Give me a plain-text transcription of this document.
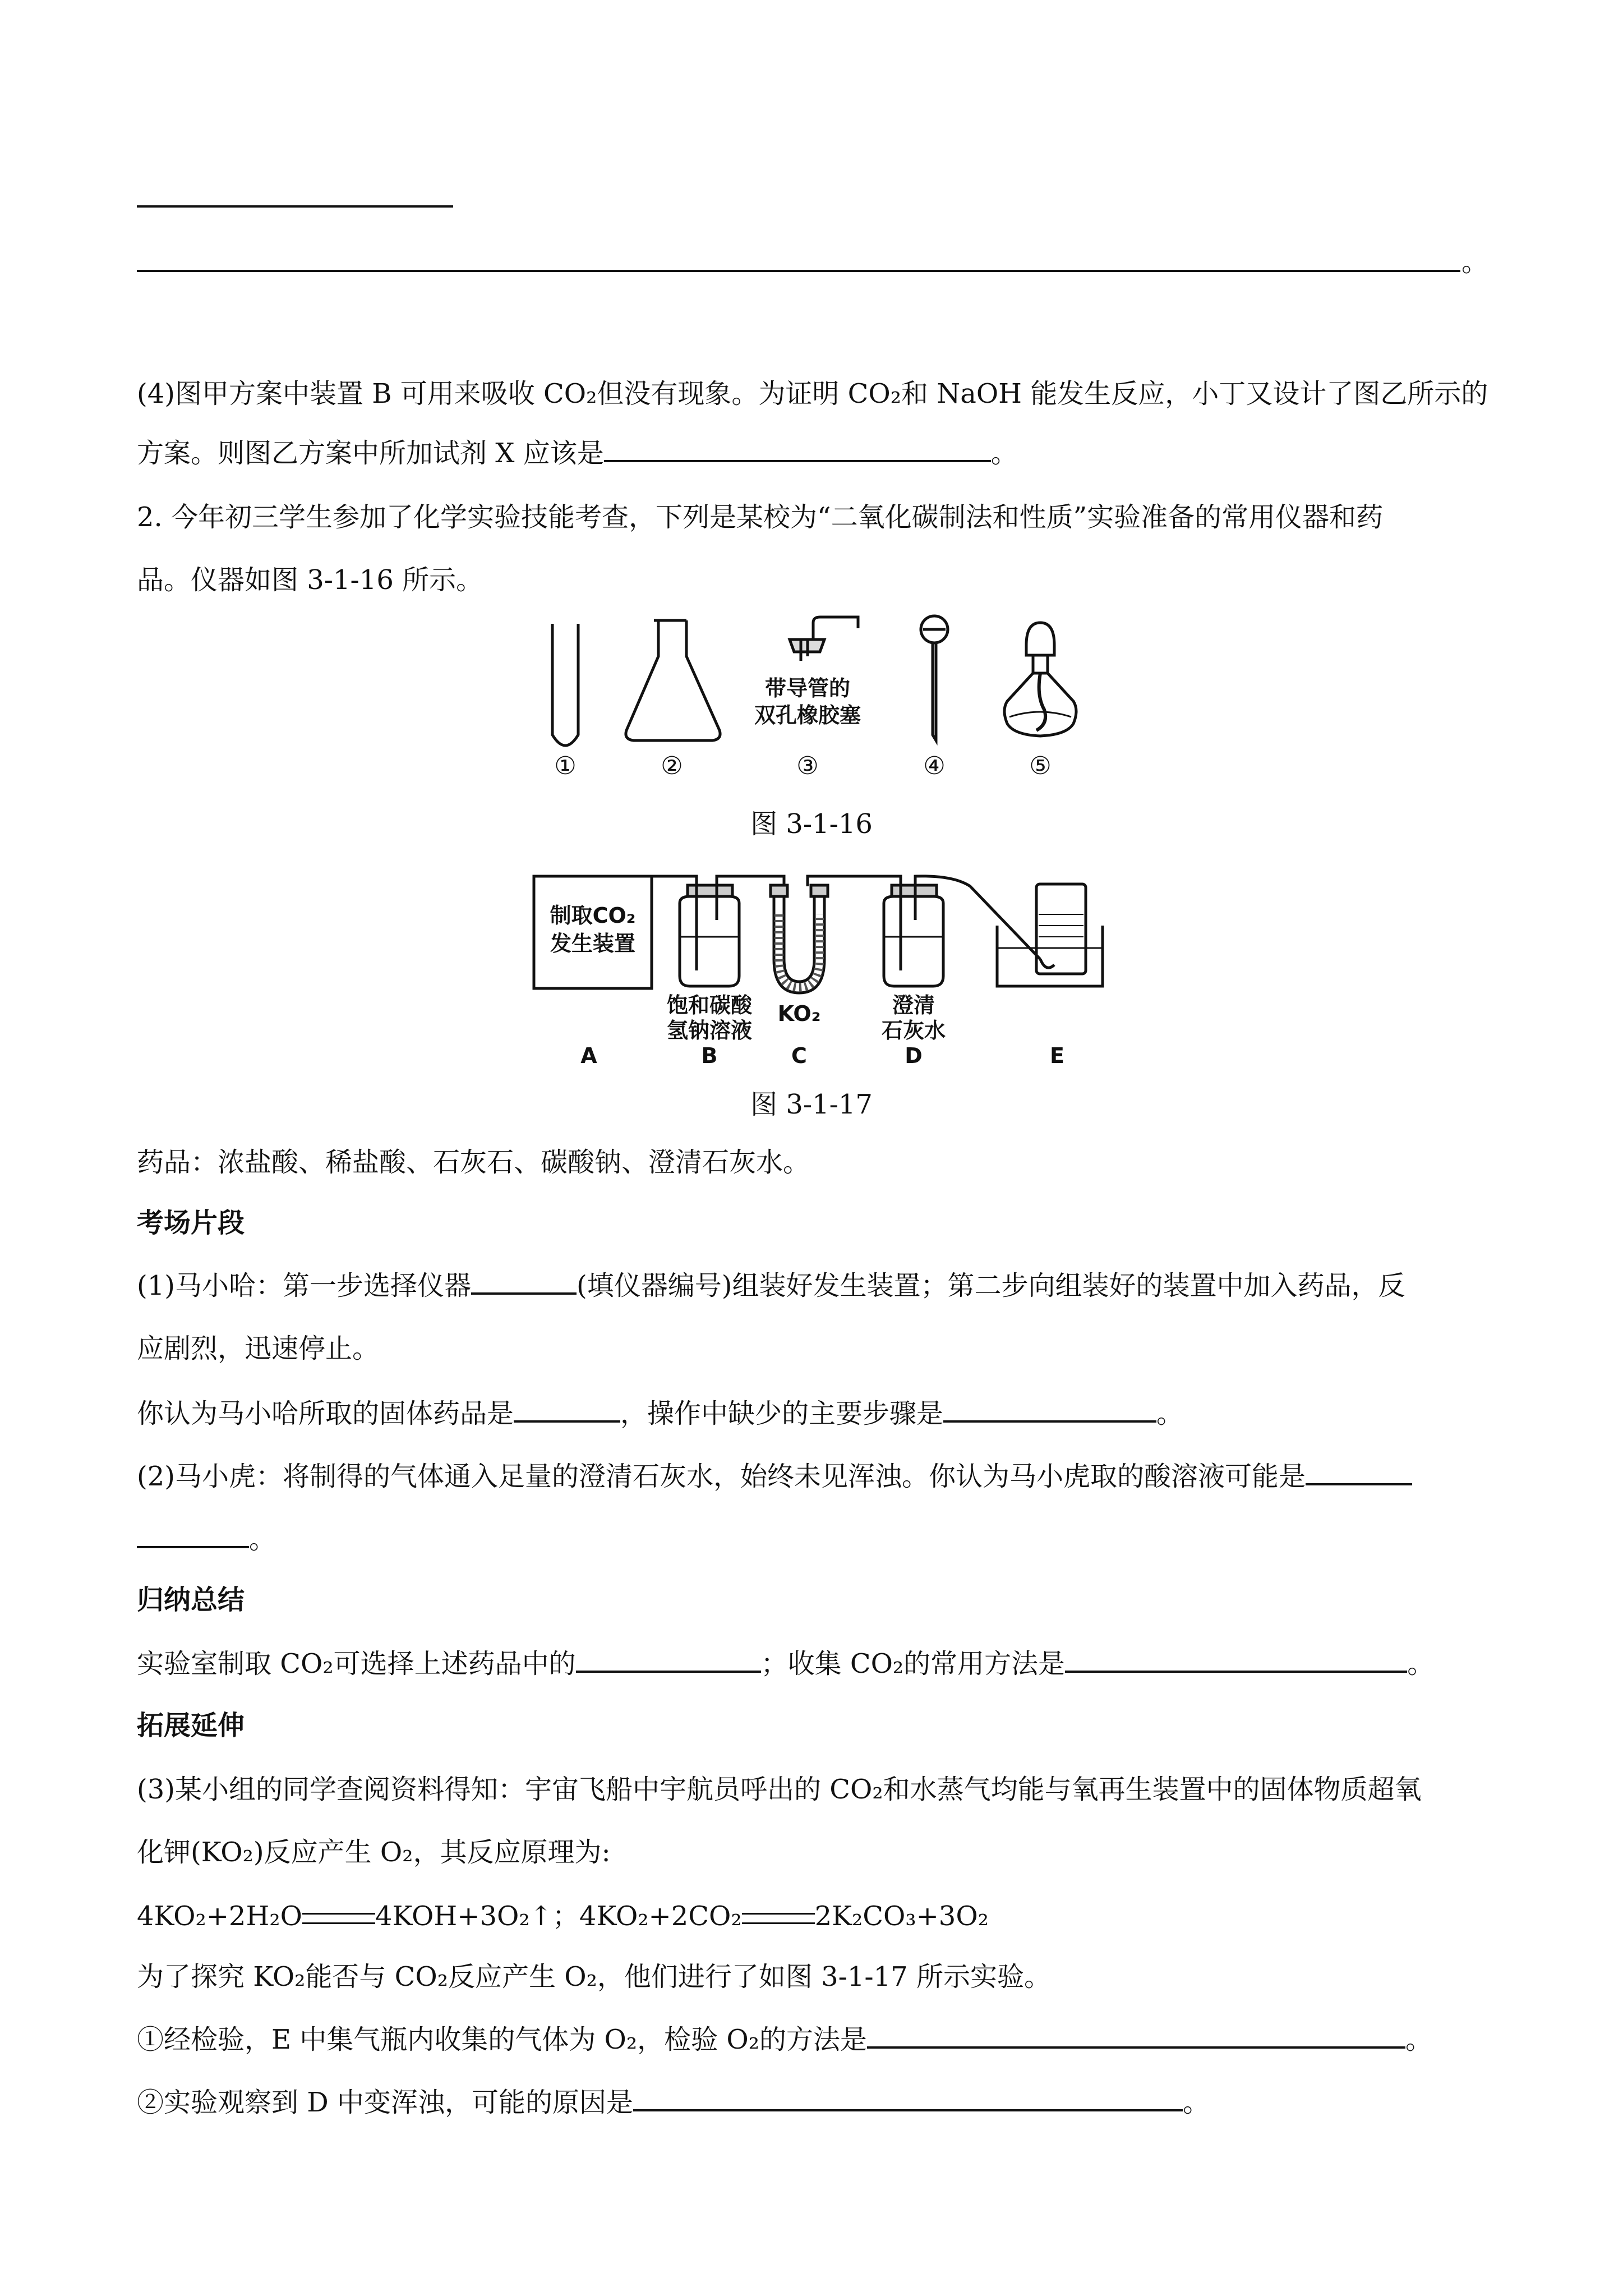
。
(4)图甲方案中装置 B 可用来吸收 CO₂但没有现象。为证明 CO₂和 NaOH 能发生反应，小丁又设计了图乙所示的
方案。则图乙方案中所加试剂 X 应该是	。
2. 今年初三学生参加了化学实验技能考查，下列是某校为“二氧化碳制法和性质”实验准备的常用仪器和药
品。仪器如图 3-1-16 所示。
带导管的
双孔橡胶塞
①	②	③	④	⑤
图 3-1-16
制取CO₂
发生装置
饱和碳酸
氢钠溶液
KO₂	澄清
石灰水
A	B	C	D	E
图 3-1-17
药品：浓盐酸、稀盐酸、石灰石、碳酸钠、澄清石灰水。
考场片段
(1)马小哈：第一步选择仪器	(填仪器编号)组装好发生装置；第二步向组装好的装置中加入药品，反
应剧烈，迅速停止。
你认为马小哈所取的固体药品是	，操作中缺少的主要步骤是	。
(2)马小虎：将制得的气体通入足量的澄清石灰水，始终未见浑浊。你认为马小虎取的酸溶液可能是
。
归纳总结
实验室制取 CO₂可选择上述药品中的	；收集 CO₂的常用方法是	。
拓展延伸
(3)某小组的同学查阅资料得知：宇宙飞船中宇航员呼出的 CO₂和水蒸气均能与氧再生装置中的固体物质超氧
化钾(KO₂)反应产生 O₂，其反应原理为:
4KO₂+2H₂O	4KOH+3O₂↑；4KO₂+2CO₂	2K₂CO₃+3O₂
为了探究 KO₂能否与 CO₂反应产生 O₂，他们进行了如图 3-1-17 所示实验。
①经检验，E 中集气瓶内收集的气体为 O₂，检验 O₂的方法是	。
②实验观察到 D 中变浑浊，可能的原因是	。
